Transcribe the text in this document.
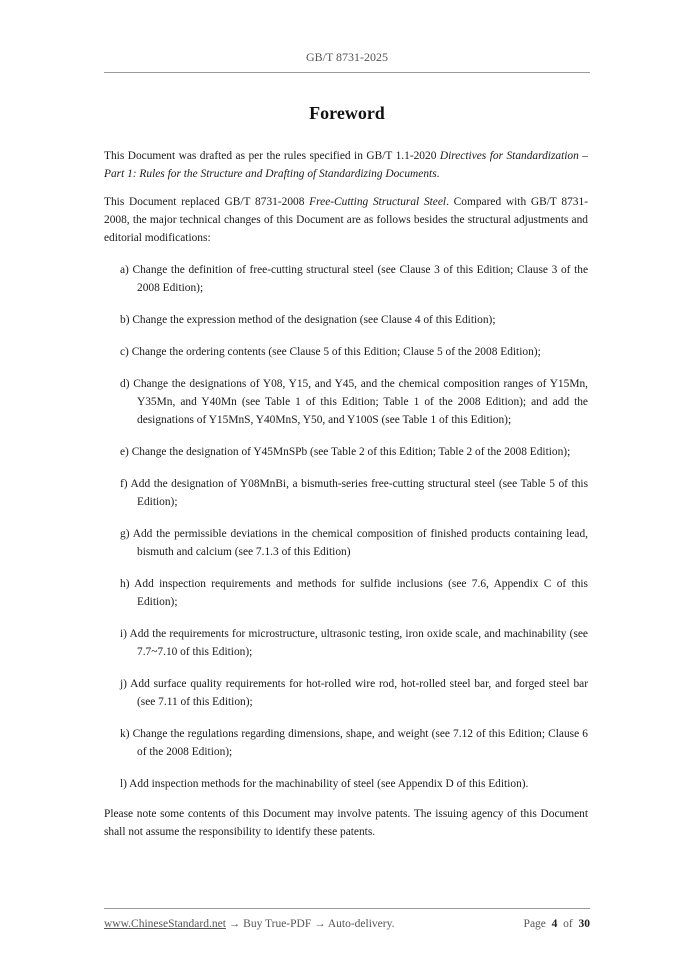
GB/T 8731-2025
Foreword

This Document was drafted as per the rules specified in GB/T 1.1-2020 Directives for Standardization – Part 1: Rules for the Structure and Drafting of Standardizing Documents.

This Document replaced GB/T 8731-2008 Free-Cutting Structural Steel. Compared with GB/T 8731-2008, the major technical changes of this Document are as follows besides the structural adjustments and editorial modifications:

a) Change the definition of free-cutting structural steel (see Clause 3 of this Edition; Clause 3 of the 2008 Edition);
b) Change the expression method of the designation (see Clause 4 of this Edition);
c) Change the ordering contents (see Clause 5 of this Edition; Clause 5 of the 2008 Edition);
d) Change the designations of Y08, Y15, and Y45, and the chemical composition ranges of Y15Mn, Y35Mn, and Y40Mn (see Table 1 of this Edition; Table 1 of the 2008 Edition); and add the designations of Y15MnS, Y40MnS, Y50, and Y100S (see Table 1 of this Edition);
e) Change the designation of Y45MnSPb (see Table 2 of this Edition; Table 2 of the 2008 Edition);
f) Add the designation of Y08MnBi, a bismuth-series free-cutting structural steel (see Table 5 of this Edition);
g) Add the permissible deviations in the chemical composition of finished products containing lead, bismuth and calcium (see 7.1.3 of this Edition)
h) Add inspection requirements and methods for sulfide inclusions (see 7.6, Appendix C of this Edition);
i) Add the requirements for microstructure, ultrasonic testing, iron oxide scale, and machinability (see 7.7~7.10 of this Edition);
j) Add surface quality requirements for hot-rolled wire rod, hot-rolled steel bar, and forged steel bar (see 7.11 of this Edition);
k) Change the regulations regarding dimensions, shape, and weight (see 7.12 of this Edition; Clause 6 of the 2008 Edition);
l) Add inspection methods for the machinability of steel (see Appendix D of this Edition).

Please note some contents of this Document may involve patents. The issuing agency of this Document shall not assume the responsibility to identify these patents.

www.ChineseStandard.net → Buy True-PDF → Auto-delivery.	Page 4 of 30
